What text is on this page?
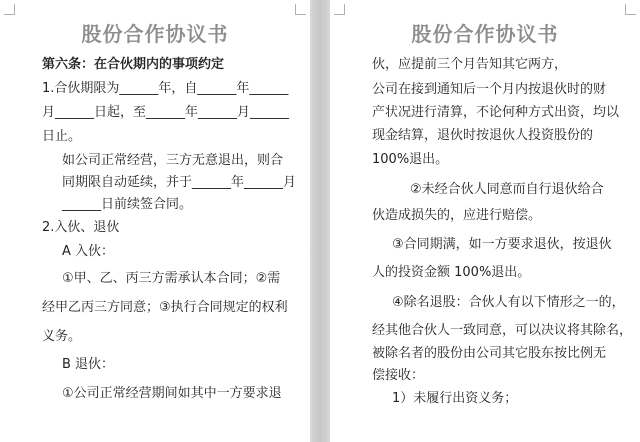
股份合作协议书
第六条：在合伙期内的事项约定
1.合伙期限为______年，自______年______
月______日起，至______年______月______
日止。
如公司正常经营，三方无意退出，则合
同期限自动延续，并于______年______月
______日前续签合同。
2.入伙、退伙
A 入伙：
①甲、乙、丙三方需承认本合同；②需
经甲乙丙三方同意；③执行合同规定的权利
义务。
B 退伙：
①公司正常经营期间如其中一方要求退
股份合作协议书
伙，应提前三个月告知其它两方，
公司在接到通知后一个月内按退伙时的财
产状况进行清算，不论何种方式出资，均以
现金结算，退伙时按退伙人投资股份的
100%退出。
②未经合伙人同意而自行退伙给合
伙造成损失的，应进行赔偿。
③合同期满，如一方要求退伙，按退伙
人的投资金额 100%退出。
④除名退股：合伙人有以下情形之一的，
经其他合伙人一致同意，可以决议将其除名，
被除名者的股份由公司其它股东按比例无
偿接收：
1）未履行出资义务；
